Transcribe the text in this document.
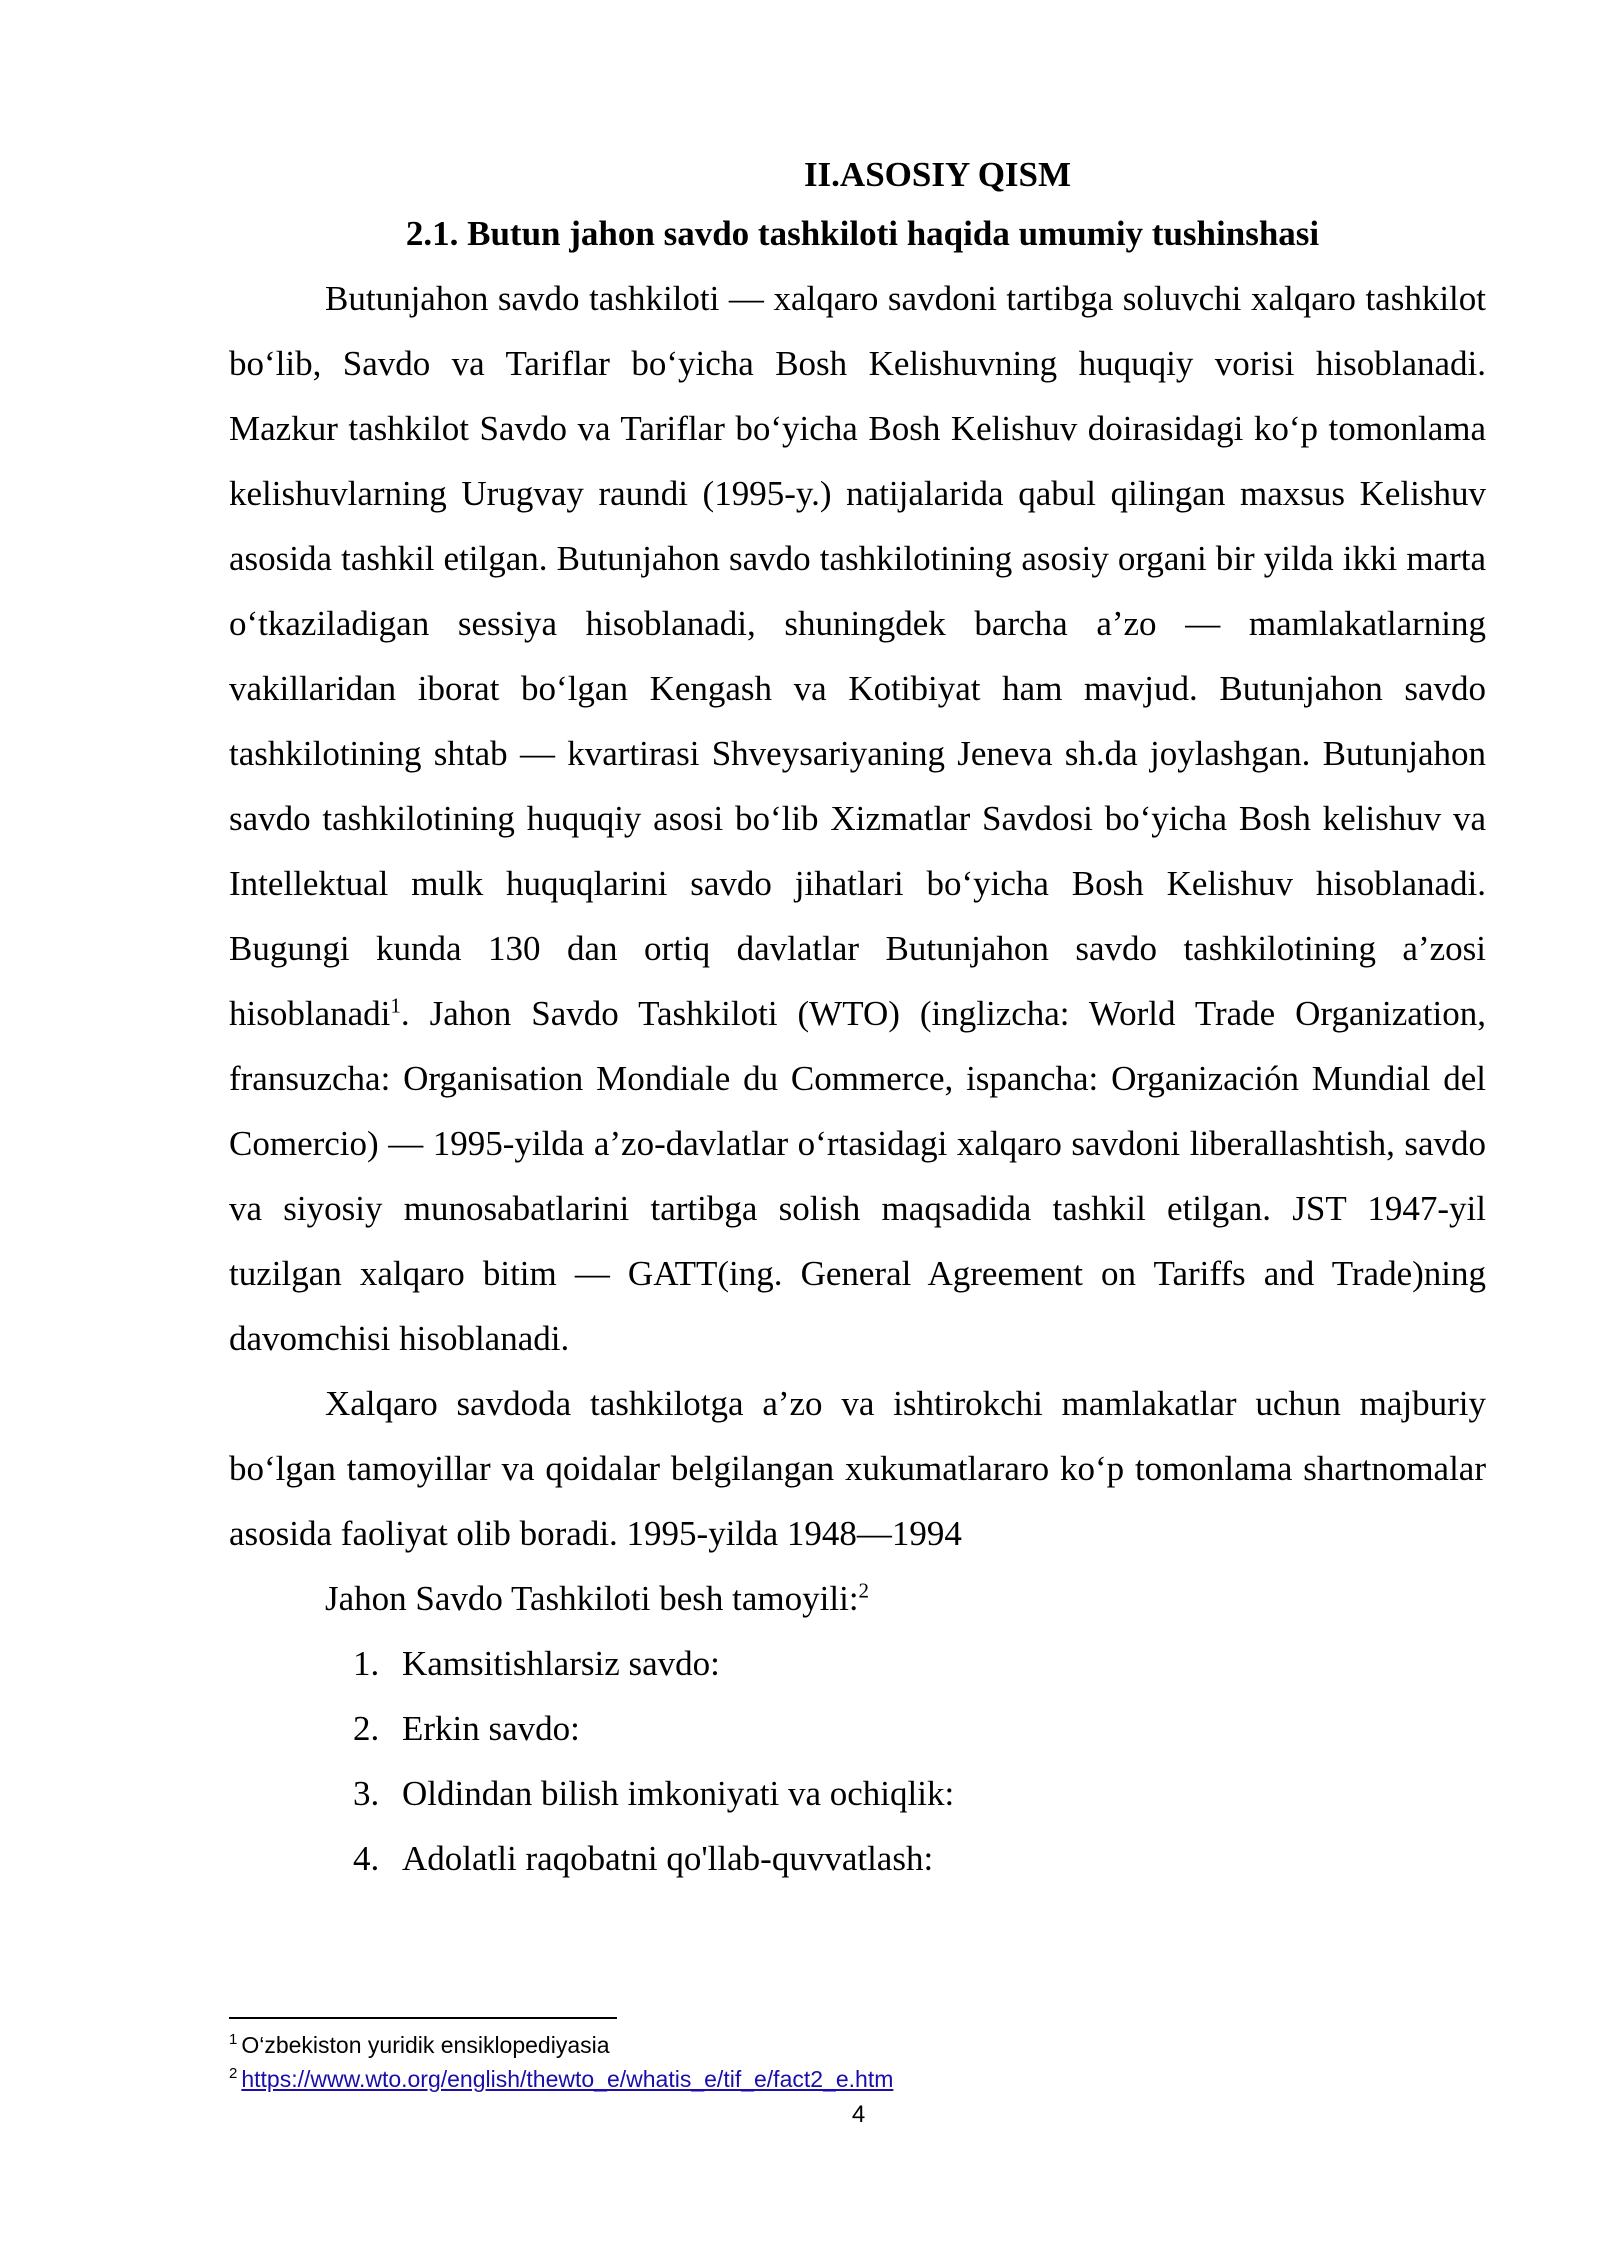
II.ASOSIY QISM
2.1. Butun jahon savdo tashkiloti haqida umumiy tushinshasi

Butunjahon savdo tashkiloti — xalqaro savdoni tartibga soluvchi xalqaro tashkilot bo‘lib, Savdo va Tariflar bo‘yicha Bosh Kelishuvning huquqiy vorisi hisoblanadi. Mazkur tashkilot Savdo va Tariflar bo‘yicha Bosh Kelishuv doirasidagi ko‘p tomonlama kelishuvlarning Urugvay raundi (1995-y.) natijalarida qabul qilingan maxsus Kelishuv asosida tashkil etilgan. Butunjahon savdo tashkilotining asosiy organi bir yilda ikki marta o‘tkaziladigan sessiya hisoblanadi, shuningdek barcha a’zo — mamlakatlarning vakillaridan iborat bo‘lgan Kengash va Kotibiyat ham mavjud. Butunjahon savdo tashkilotining shtab — kvartirasi Shveysariyaning Jeneva sh.da joylashgan. Butunjahon savdo tashkilotining huquqiy asosi bo‘lib Xizmatlar Savdosi bo‘yicha Bosh kelishuv va Intellektual mulk huquqlarini savdo jihatlari bo‘yicha Bosh Kelishuv hisoblanadi. Bugungi kunda 130 dan ortiq davlatlar Butunjahon savdo tashkilotining a’zosi hisoblanadi$^1$. Jahon Savdo Tashkiloti (WTO) (inglizcha: World Trade Organization, fransuzcha: Organisation Mondiale du Commerce, ispancha: Organización Mundial del Comercio) — 1995-yilda a’zo-davlatlar o‘rtasidagi xalqaro savdoni liberallashtish, savdo va siyosiy munosabatlarini tartibga solish maqsadida tashkil etilgan. JST 1947-yil tuzilgan xalqaro bitim — GATT(ing. General Agreement on Tariffs and Trade)ning davomchisi hisoblanadi.

Xalqaro savdoda tashkilotga a’zo va ishtirokchi mamlakatlar uchun majburiy bo‘lgan tamoyillar va qoidalar belgilangan xukumatlararo ko‘p tomonlama shartnomalar asosida faoliyat olib boradi. 1995-yilda 1948—1994

Jahon Savdo Tashkiloti besh tamoyili:$^2$

1. Kamsitishlarsiz savdo:
2. Erkin savdo:
3. Oldindan bilish imkoniyati va ochiqlik:
4. Adolatli raqobatni qo'llab-quvvatlash:
$^1$ O‘zbekiston yuridik ensiklopediyasia
$^2$ https://www.wto.org/english/thewto_e/whatis_e/tif_e/fact2_e.htm
4
